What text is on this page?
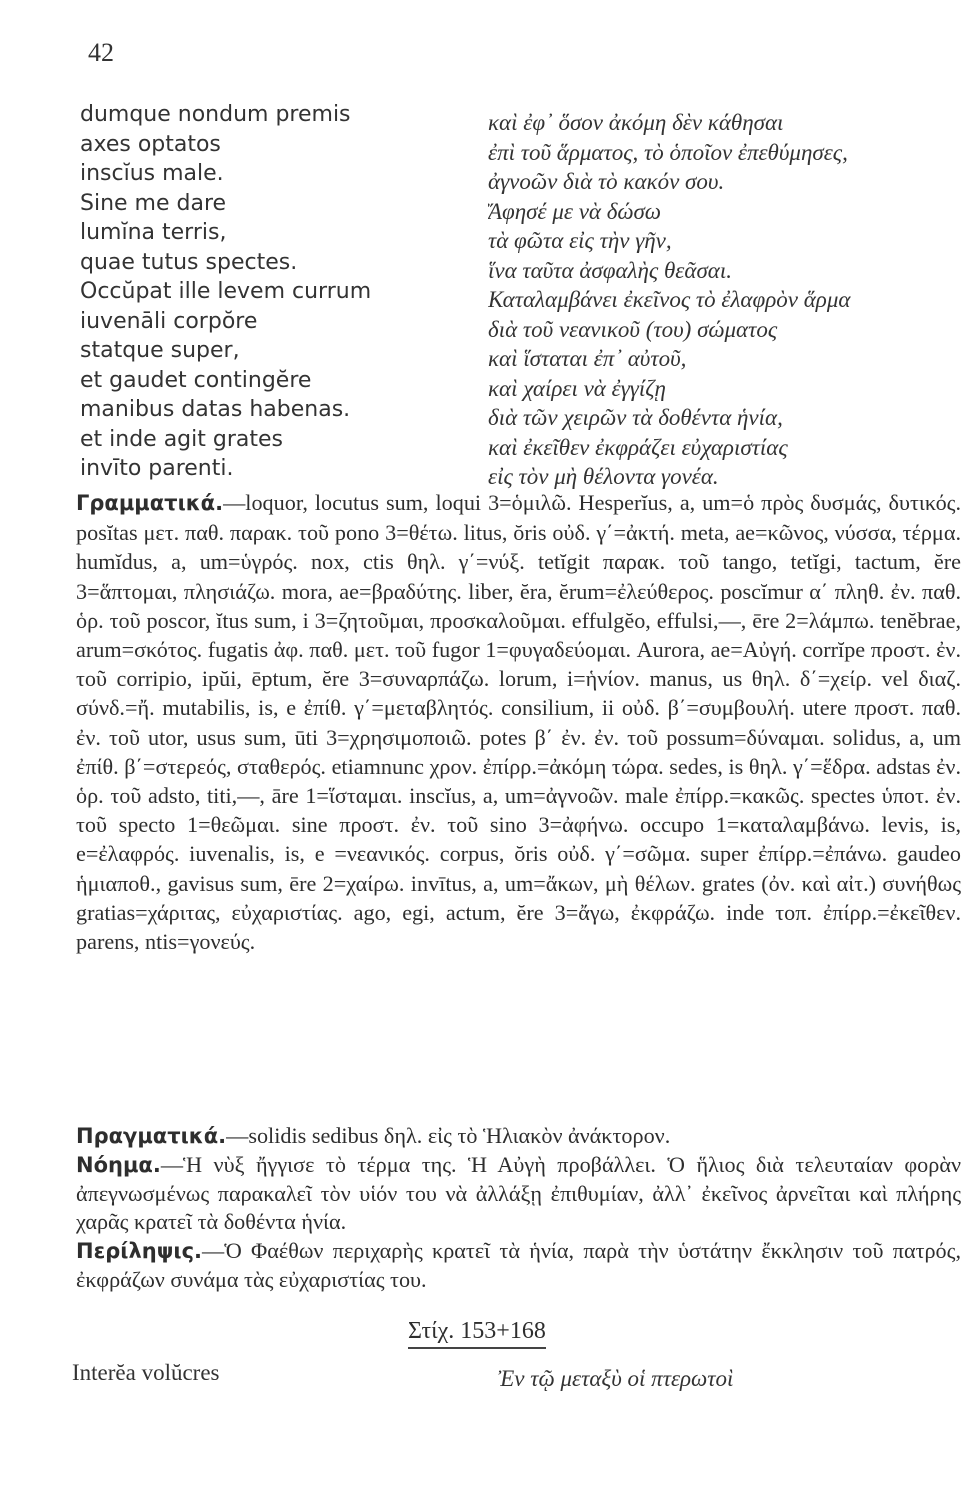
42
dumque nondum premis
axes optatos
inscĭus male.
Sine me dare
lumĭna terris,
quae tutus spectes.
Occŭpat ille levem currum
iuvenāli corpŏre
statque super,
et gaudet contingĕre
manibus datas habenas.
et inde agit grates
invīto parenti.
καὶ ἐφ᾽ ὅσον ἀκόμη δὲν κάθησαι
ἐπὶ τοῦ ἅρματος, τὸ ὁποῖον ἐπεθύμησες,
ἀγνοῶν διὰ τὸ κακόν σου.
Ἄφησέ με νὰ δώσω
τὰ φῶτα εἰς τὴν γῆν,
ἵνα ταῦτα ἀσφαλὴς θεᾶσαι.
Καταλαμβάνει ἐκεῖνος τὸ ἐλαφρὸν ἅρμα
διὰ τοῦ νεανικοῦ (του) σώματος
καὶ ἵσταται ἐπ᾽ αὐτοῦ,
καὶ χαίρει νὰ ἐγγίζῃ
διὰ τῶν χειρῶν τὰ δοθέντα ἡνία,
καὶ ἐκεῖθεν ἐκφράζει εὐχαριστίας
εἰς τὸν μὴ θέλοντα γονέα.
Γραμματικά.—loquor, locutus sum, loqui 3=ὁμιλῶ. Hesperĭus, a, um=ὁ πρὸς δυσμάς, δυτικός. posĭtas μετ. παθ. παρακ. τοῦ pono 3=θέτω. litus, ŏris οὐδ. γ΄=ἀκτή. meta, ae=κῶνος, νύσσα, τέρμα. humĭdus, a, um=ὑγρός. nox, ctis θηλ. γ΄=νύξ. tetĭgit παρακ. τοῦ tango, tetĭgi, tactum, ĕre 3=ἅπτομαι, πλησιάζω. mora, ae=βραδύτης. liber, ĕra, ĕrum=ἐλεύθερος. poscĭmur α΄ πληθ. ἐν. παθ. ὁρ. τοῦ poscor, ĭtus sum, i 3=ζητοῦμαι, προσκαλοῦμαι. effulgĕo, effulsi,—, ēre 2=λάμπω. tenĕbrae, arum=σκότος. fugatis ἀφ. παθ. μετ. τοῦ fugor 1=φυγαδεύομαι. Aurora, ae=Αὐγή. corrĭpe προστ. ἐν. τοῦ corripio, ipŭi, ēptum, ĕre 3=συναρπάζω. lorum, i=ἡνίον. manus, us θηλ. δ΄=χείρ. vel διαζ. σύνδ.=ἤ. mutabilis, is, e ἐπίθ. γ΄=μεταβλητός. consilium, ii οὐδ. β΄=συμβουλή. utere προστ. παθ. ἐν. τοῦ utor, usus sum, ūti 3=χρησιμοποιῶ. potes β΄ ἐν. ἐν. τοῦ possum=δύναμαι. solidus, a, um ἐπίθ. β΄=στερεός, σταθερός. etiamnunc χρον. ἐπίρρ.=ἀκόμη τώρα. sedes, is θηλ. γ΄=ἕδρα. adstas ἐν. ὁρ. τοῦ adsto, titi,—, āre 1=ἵσταμαι. inscĭus, a, um=ἀγνοῶν. male ἐπίρρ.=κακῶς. spectes ὑποτ. ἐν. τοῦ specto 1=θεῶμαι. sine προστ. ἐν. τοῦ sino 3=ἀφήνω. occupo 1=καταλαμβάνω. levis, is, e=ἐλαφρός. iuvenalis, is, e =νεανικός. corpus, ŏris οὐδ. γ΄=σῶμα. super ἐπίρρ.=ἐπάνω. gaudeo ἡμιαποθ., gavisus sum, ēre 2=χαίρω. invītus, a, um=ἄκων, μὴ θέλων. grates (ὀν. καὶ αἰτ.) συνήθως gratias=χάριτας, εὐχαριστίας. ago, egi, actum, ĕre 3=ἄγω, ἐκφράζω. inde τοπ. ἐπίρρ.=ἐκεῖθεν. parens, ntis=γονεύς.

Πραγματικά.—solidis sedibus δηλ. εἰς τὸ Ἡλιακὸν ἀνάκτορον.

Νόημα.—Ἡ νὺξ ἤγγισε τὸ τέρμα της. Ἡ Αὐγὴ προβάλλει. Ὁ ἥλιος διὰ τελευταίαν φορὰν ἀπεγνωσμένως παρακαλεῖ τὸν υἱόν του νὰ ἀλλάξῃ ἐπιθυμίαν, ἀλλ᾽ ἐκεῖνος ἀρνεῖται καὶ πλήρης χαρᾶς κρατεῖ τὰ δοθέντα ἡνία.

Περίληψις.—Ὁ Φαέθων περιχαρὴς κρατεῖ τὰ ἡνία, παρὰ τὴν ὑστάτην ἔκκλησιν τοῦ πατρός, ἐκφράζων συνάμα τὰς εὐχαριστίας του.

Στίχ. 153+168
Interĕa volŭcres	Ἐν τῷ μεταξὺ οἱ πτερωτοὶ
